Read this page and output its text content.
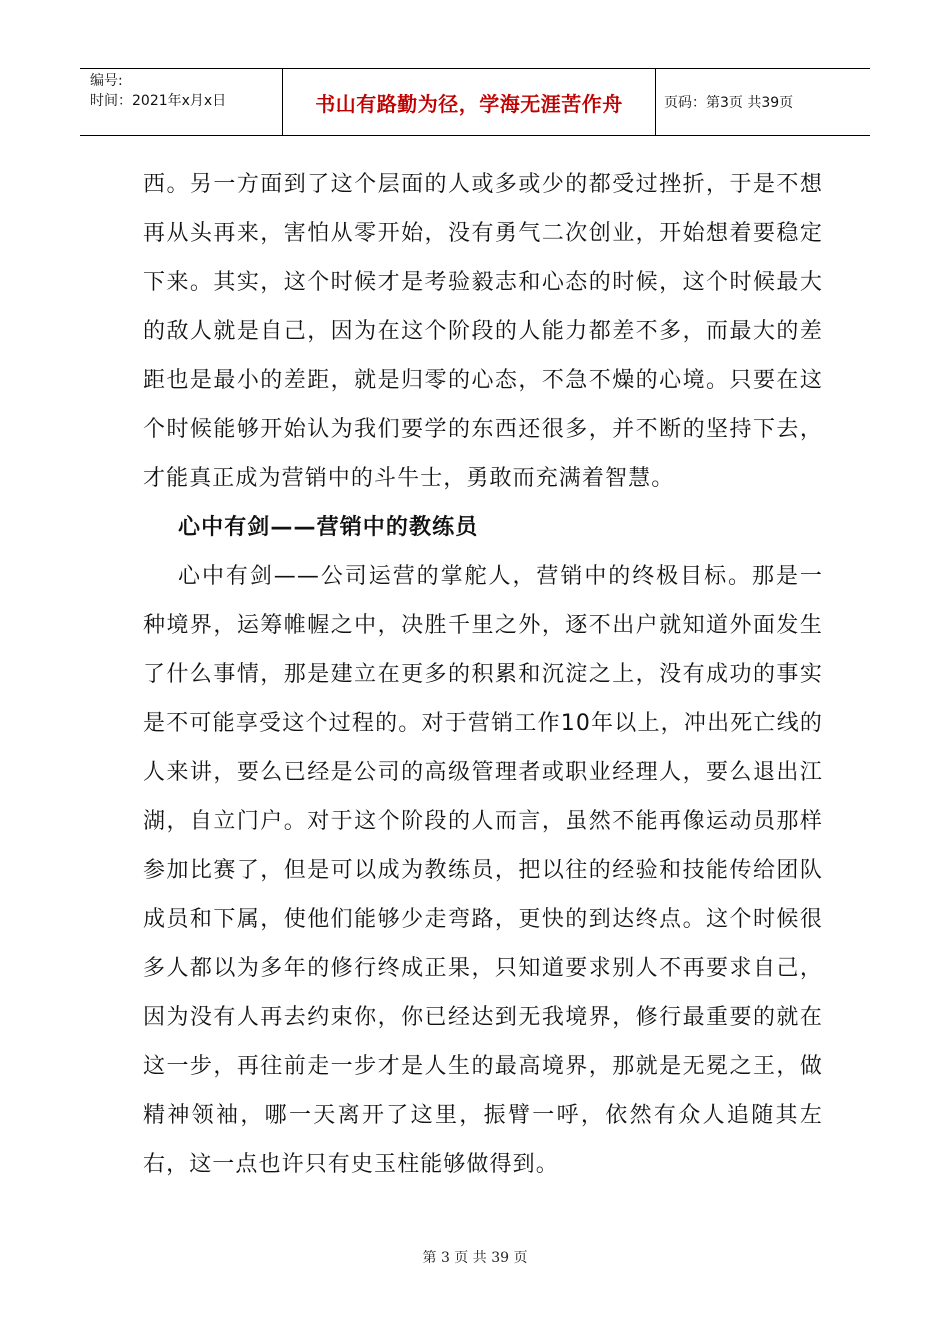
编号:
时间：2021年x月x日	书山有路勤为径，学海无涯苦作舟	页码：第3页 共39页

西。另一方面到了这个层面的人或多或少的都受过挫折，于是不想再从头再来，害怕从零开始，没有勇气二次创业，开始想着要稳定下来。其实，这个时候才是考验毅志和心态的时候，这个时候最大的敌人就是自己，因为在这个阶段的人能力都差不多，而最大的差距也是最小的差距，就是归零的心态，不急不燥的心境。只要在这个时候能够开始认为我们要学的东西还很多，并不断的坚持下去，才能真正成为营销中的斗牛士，勇敢而充满着智慧。

心中有剑——营销中的教练员

心中有剑——公司运营的掌舵人，营销中的终极目标。那是一种境界，运筹帷幄之中，决胜千里之外，逐不出户就知道外面发生了什么事情，那是建立在更多的积累和沉淀之上，没有成功的事实是不可能享受这个过程的。对于营销工作10年以上，冲出死亡线的人来讲，要么已经是公司的高级管理者或职业经理人，要么退出江湖，自立门户。对于这个阶段的人而言，虽然不能再像运动员那样参加比赛了，但是可以成为教练员，把以往的经验和技能传给团队成员和下属，使他们能够少走弯路，更快的到达终点。这个时候很多人都以为多年的修行终成正果，只知道要求别人不再要求自己，因为没有人再去约束你，你已经达到无我境界，修行最重要的就在这一步，再往前走一步才是人生的最高境界，那就是无冕之王，做精神领袖，哪一天离开了这里，振臂一呼，依然有众人追随其左右，这一点也许只有史玉柱能够做得到。

第 3 页 共 39 页
